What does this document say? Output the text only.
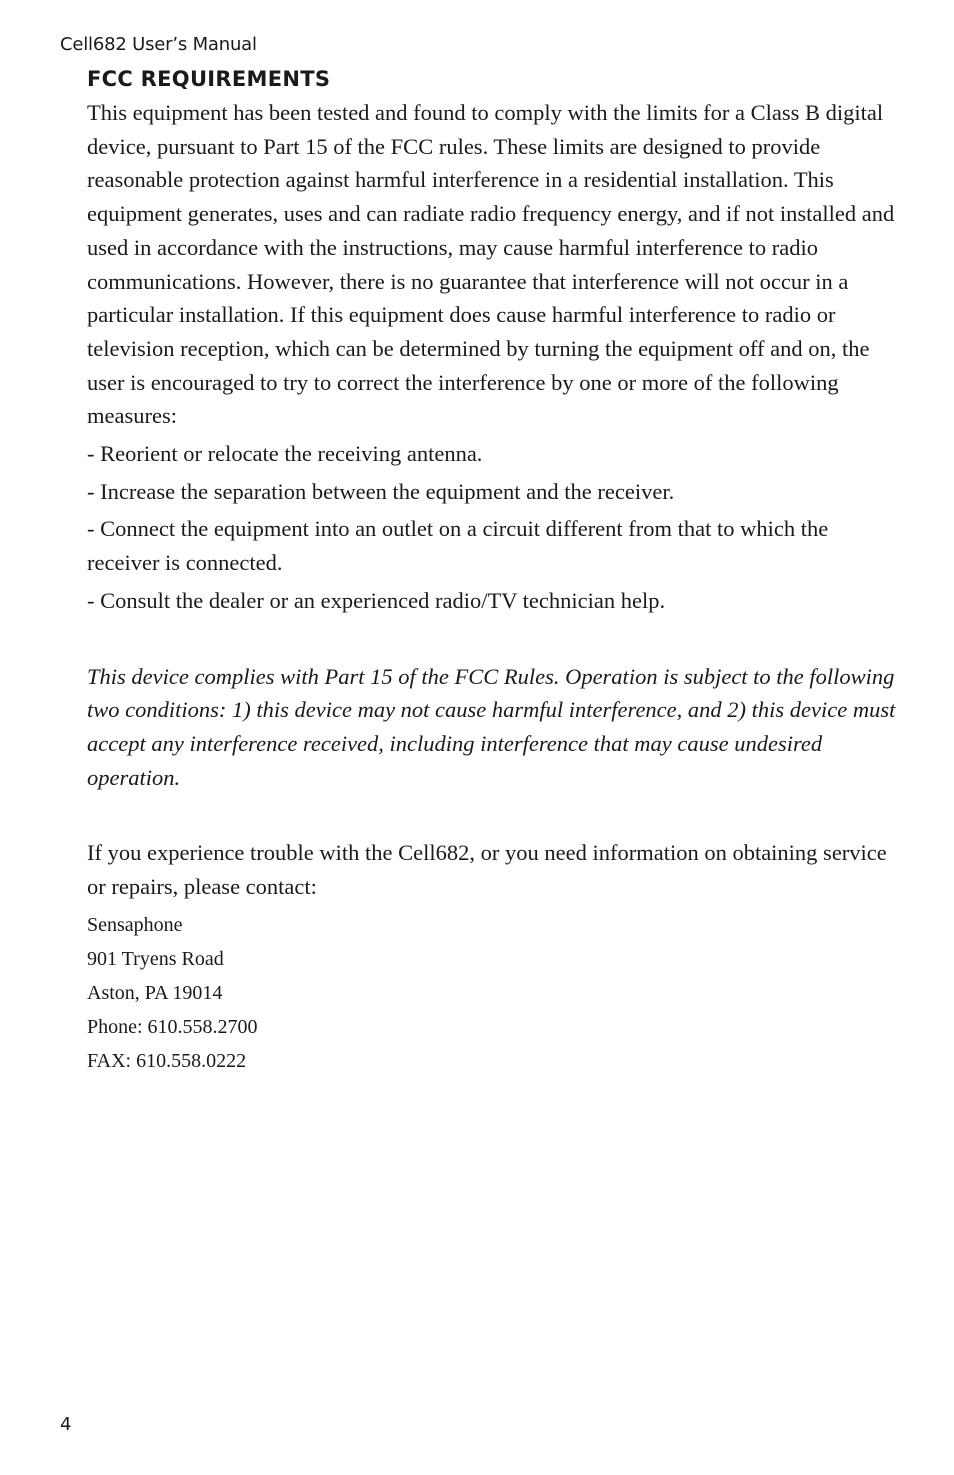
Cell682 User’s Manual
FCC REQUIREMENTS

This equipment has been tested and found to comply with the limits for a Class B digital device, pursuant to Part 15 of the FCC rules. These limits are designed to provide reasonable protection against harmful interference in a residential installation. This equipment generates, uses and can radiate radio frequency energy, and if not installed and used in accordance with the instructions, may cause harmful interference to radio communications. However, there is no guarantee that interference will not occur in a particular installation. If this equipment does cause harmful interference to radio or television reception, which can be determined by turning the equipment off and on, the user is encouraged to try to correct the interference by one or more of the following measures:

- Reorient or relocate the receiving antenna.
- Increase the separation between the equipment and the receiver.
- Connect the equipment into an outlet on a circuit different from that to which the receiver is connected.
- Consult the dealer or an experienced radio/TV technician help.

This device complies with Part 15 of the FCC Rules. Operation is subject to the following two conditions: 1) this device may not cause harmful interference, and 2) this device must accept any interference received, including interference that may cause undesired operation.

If you experience trouble with the Cell682, or you need information on obtaining service or repairs, please contact:

Sensaphone
901 Tryens Road
Aston, PA 19014
Phone: 610.558.2700
FAX: 610.558.0222
4
